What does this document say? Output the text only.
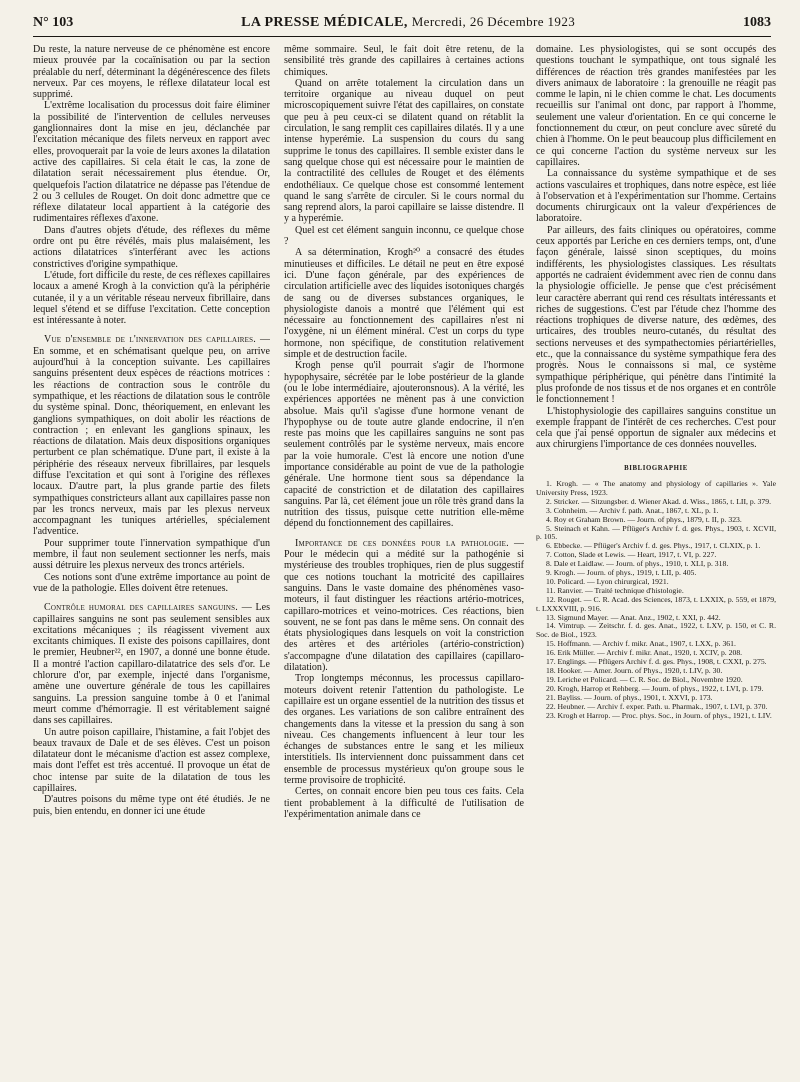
N° 103	LA PRESSE MÉDICALE, Mercredi, 26 Décembre 1923	1083

Du reste, la nature nerveuse de ce phénomène est encore mieux prouvée par la cocaïnisation ou par la section préalable du nerf, déterminant la dégénérescence des filets nerveux. Par ces moyens, le réflexe dilatateur local est supprimé.

L'extrême localisation du processus doit faire éliminer la possibilité de l'intervention de cellules nerveuses ganglionnaires dont la mise en jeu, déclanchée par l'excitation mécanique des filets nerveux en rapport avec elles, provoquerait par la voie de leurs axones la dilatation active des capillaires. Si cela était le cas, la zone de dilatation serait nécessairement plus étendue. Or, quelquefois l'action dilatatrice ne dépasse pas l'étendue de 2 ou 3 cellules de Rouget. On doit donc admettre que ce réflexe dilatateur local appartient à la catégorie des rudimentaires réflexes d'axone.

Dans d'autres objets d'étude, des réflexes du même ordre ont pu être révélés, mais plus malaisément, les actions dilatatrices s'interférant avec les actions constrictives d'origine sympathique.

L'étude, fort difficile du reste, de ces réflexes capillaires locaux a amené Krogh à la conviction qu'à la périphérie cutanée, il y a un véritable réseau nerveux fibrillaire, dans lequel s'étend et se diffuse l'excitation. Cette conception est intéressante à noter.

Vue d'ensemble de l'innervation des capillaires. — En somme, et en schématisant quelque peu, on arrive aujourd'hui à la conception suivante. Les capillaires sanguins présentent deux espèces de réactions motrices : les réactions de contraction sous le contrôle du sympathique, et les réactions de dilatation sous le contrôle du système spinal. Donc, théoriquement, en enlevant les ganglions sympathiques, on doit abolir les réactions de contraction ; en enlevant les ganglions spinaux, les réactions de dilatation. Mais deux dispositions organiques perturbent ce plan schématique. D'une part, il existe à la périphérie des réseaux nerveux fibrillaires, par lesquels diffuse l'excitation et qui sont à l'origine des réflexes locaux. D'autre part, la plus grande partie des filets sympathiques constricteurs allant aux capillaires passe non par les troncs nerveux, mais par les plexus nerveux accompagnant les tuniques artérielles, spécialement l'adventice.

Pour supprimer toute l'innervation sympathique d'un membre, il faut non seulement sectionner les nerfs, mais aussi détruire les plexus nerveux des troncs artériels.

Ces notions sont d'une extrême importance au point de vue de la pathologie. Elles doivent être retenues.

Contrôle humoral des capillaires sanguins. — Les capillaires sanguins ne sont pas seulement sensibles aux excitations mécaniques ; ils réagissent vivement aux excitants chimiques. Il existe des poisons capillaires, dont le premier, Heubner²², en 1907, a donné une bonne étude. Il a montré l'action capillaro-dilatatrice des sels d'or. Le chlorure d'or, par exemple, injecté dans l'organisme, amène une ouverture générale de tous les capillaires sanguins. La pression sanguine tombe à 0 et l'animal meurt comme d'hémorragie. Il est véritablement saigné dans ses capillaires.

Un autre poison capillaire, l'histamine, a fait l'objet des beaux travaux de Dale et de ses élèves. C'est un poison dilatateur dont le mécanisme d'action est assez complexe, mais dont l'effet est très accentué. Il provoque un état de choc intense par suite de la dilatation de tous les capillaires.

D'autres poisons du même type ont été étudiés. Je ne puis, bien entendu, en donner ici une étude

même sommaire. Seul, le fait doit être retenu, de la sensibilité très grande des capillaires à certaines actions chimiques.

Quand on arrête totalement la circulation dans un territoire organique au niveau duquel on peut microscopiquement suivre l'état des capillaires, on constate que peu à peu ceux-ci se dilatent quand on rétablit la circulation, le sang remplit ces capillaires dilatés. Il y a une intense hyperémie. La suspension du cours du sang supprime le tonus des capillaires. Il semble exister dans le sang quelque chose qui est nécessaire pour le maintien de la contractilité des cellules de Rouget et des éléments endothéliaux. Ce quelque chose est consommé lentement quand le sang s'arrête de circuler. Si le cours normal du sang reprend alors, la paroi capillaire se laisse distendre. Il y a hyperémie.

Quel est cet élément sanguin inconnu, ce quelque chose ?

A sa détermination, Krogh²⁰ a consacré des études minutieuses et difficiles. Le détail ne peut en être exposé ici. D'une façon générale, par des expériences de circulation artificielle avec des liquides isotoniques chargés de sang ou de diverses substances organiques, le physiologiste danois a montré que l'élément qui est nécessaire au fonctionnement des capillaires n'est ni l'oxygène, ni un élément minéral. C'est un corps du type hormone, non spécifique, de constitution relativement simple et de destruction facile.

Krogh pense qu'il pourrait s'agir de l'hormone hypophysaire, sécrétée par le lobe postérieur de la glande (ou le lobe intermédiaire, ajouteronsnous). A la vérité, les expériences apportées ne mènent pas à une conviction absolue. Mais qu'il s'agisse d'une hormone venant de l'hypophyse ou de toute autre glande endocrine, il n'en reste pas moins que les capillaires sanguins ne sont pas seulement contrôlés par le système nerveux, mais encore par la voie humorale. C'est là encore une notion d'une importance considérable au point de vue de la pathologie générale. Une hormone tient sous sa dépendance la capacité de constriction et de dilatation des capillaires sanguins. Par là, cet élément joue un rôle très grand dans la nutrition des tissus, puisque cette nutrition elle-même dépend du fonctionnement des capillaires.

Importance de ces données pour la pathologie. — Pour le médecin qui a médité sur la pathogénie si mystérieuse des troubles trophiques, rien de plus suggestif que ces notions touchant la motricité des capillaires sanguins. Dans le vaste domaine des phénomènes vaso-moteurs, il faut distinguer les réactions artério-motrices, capillaro-motrices et veino-motrices. Ces réactions, bien souvent, ne se font pas dans le même sens. On connait des états physiologiques dans lesquels on voit la constriction des artères et des artérioles (artério-constriction) s'accompagne d'une dilatation des capillaires (capillaro-dilatation).

Trop longtemps méconnus, les processus capillaro-moteurs doivent retenir l'attention du pathologiste. Le capillaire est un organe essentiel de la nutrition des tissus et des organes. Les variations de son calibre entraînent des changements dans la vitesse et la pression du sang à son niveau. Ces changements influencent à leur tour les échanges de substances entre le sang et les milieux interstitiels. Ils interviennent donc puissamment dans cet ensemble de processus mystérieux qu'on groupe sous le terme provisoire de trophicité.

Certes, on connait encore bien peu tous ces faits. Cela tient probablement à la difficulté de l'utilisation de l'expérimentation animale dans ce

domaine. Les physiologistes, qui se sont occupés des questions touchant le sympathique, ont tous signalé les différences de réaction très grandes manifestées par les divers animaux de laboratoire : la grenouille ne réagit pas comme le lapin, ni le chien comme le chat. Les documents recueillis sur l'animal ont donc, par rapport à l'homme, seulement une valeur d'orientation. En ce qui concerne le fonctionnement du cœur, on peut conclure avec sûreté du chien à l'homme. On le peut beaucoup plus difficilement en ce qui concerne l'action du système nerveux sur les capillaires.

La connaissance du système sympathique et de ses actions vasculaires et trophiques, dans notre espèce, est liée à l'observation et à l'expérimentation sur l'homme. Certains documents chirurgicaux ont la valeur d'expériences de laboratoire.

Par ailleurs, des faits cliniques ou opératoires, comme ceux apportés par Leriche en ces derniers temps, ont, d'une façon générale, laissé sinon sceptiques, du moins indifférents, les physiologistes classiques. Les résultats apportés ne cadraient évidemment avec rien de connu dans la physiologie officielle. Je pense que c'est précisément leur caractère aberrant qui rend ces résultats intéressants et riches de suggestions. C'est par l'étude chez l'homme des réactions trophiques de diverse nature, des œdèmes, des urticaires, des troubles neuro-cutanés, du résultat des sections nerveuses et des sympathectomies périartérielles, etc., que la connaissance du système sympathique fera des progrès. Nous le connaissons si mal, ce système sympathique périphérique, qui pénètre dans l'intimité la plus profonde de nos tissus et de nos organes et en contrôle le fonctionnement !

L'histophysiologie des capillaires sanguins constitue un exemple frappant de l'intérêt de ces recherches. C'est pour cela que j'ai pensé opportun de signaler aux médecins et aux chirurgiens l'importance de ces données nouvelles.

BIBLIOGRAPHIE
1. Krogh. — « The anatomy and physiology of capillaries ». Yale University Press, 1923.
2. Stricker. — Sitzungsber. d. Wiener Akad. d. Wiss., 1865, t. LII, p. 379.
3. Cohnheim. — Archiv f. path. Anat., 1867, t. XL, p. 1.
4. Roy et Graham Brown. — Journ. of phys., 1879, t. II, p. 323.
5. Steinach et Kahn. — Pflüger's Archiv f. d. ges. Phys., 1903, t. XCVII, p. 105.
6. Ebbecke. — Pflüger's Archiv f. d. ges. Phys., 1917, t. CLXIX, p. 1.
7. Cotton, Slade et Lewis. — Heart, 1917, t. VI, p. 227.
8. Dale et Laidlaw. — Journ. of phys., 1910, t. XLI, p. 318.
9. Krogh. — Journ. of phys., 1919, t. LII, p. 405.
10. Policard. — Lyon chirurgical, 1921.
11. Ranvier. — Traité technique d'histologie.
12. Rouget. — C. R. Acad. des Sciences, 1873, t. LXXIX, p. 559, et 1879, t. LXXXVIII, p. 916.
13. Sigmund Mayer. — Anat. Anz., 1902, t. XXI, p. 442.
14. Vimtrup. — Zeitschr. f. d. ges. Anat., 1922, t. LXV, p. 150, et C. R. Soc. de Biol., 1923.
15. Hoffmann. — Archiv f. mikr. Anat., 1907, t. LXX, p. 361.
16. Erik Müller. — Archiv f. mikr. Anat., 1920, t. XCIV, p. 208.
17. Englings. — Pflügers Archiv f. d. ges. Phys., 1908, t. CXXI, p. 275.
18. Hooker. — Amer. Journ. of Phys., 1920, t. LIV, p. 30.
19. Leriche et Policard. — C. R. Soc. de Biol., Novembre 1920.
20. Krogh, Harrop et Rehberg. — Journ. of phys., 1922, t. LVI, p. 179.
21. Bayliss. — Journ. of phys., 1901, t. XXVI, p. 173.
22. Heubner. — Archiv f. exper. Path. u. Pharmak., 1907, t. LVI, p. 370.
23. Krogh et Harrop. — Proc. phys. Soc., in Journ. of phys., 1921, t. LIV.
